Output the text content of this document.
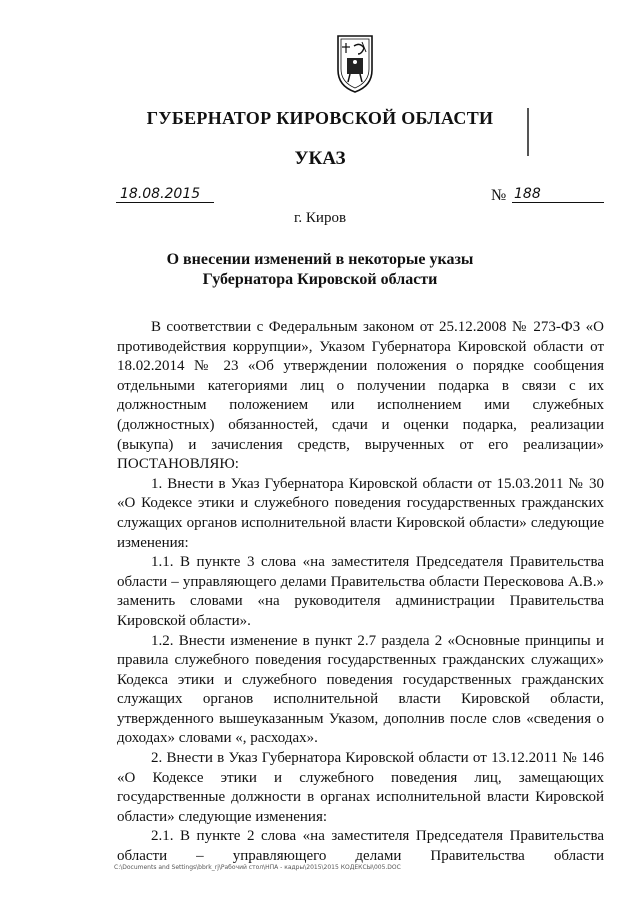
ГУБЕРНАТОР КИРОВСКОЙ ОБЛАСТИ
УКАЗ
18.08.2015	№ 188
г. Киров
О внесении изменений в некоторые указы
Губернатора Кировской области

В соответствии с Федеральным законом от 25.12.2008 № 273-ФЗ «О противодействия коррупции», Указом Губернатора Кировской области от 18.02.2014 № 23 «Об утверждении положения о порядке сообщения отдельными категориями лиц о получении подарка в связи с их должностным положением или исполнением ими служебных (должностных) обязанностей, сдачи и оценки подарка, реализации (выкупа) и зачисления средств, вырученных от его реализации» ПОСТАНОВЛЯЮ:

1. Внести в Указ Губернатора Кировской области от 15.03.2011 № 30 «О Кодексе этики и служебного поведения государственных гражданских служащих органов исполнительной власти Кировской области» следующие изменения:

1.1. В пункте 3 слова «на заместителя Председателя Правительства области – управляющего делами Правительства области Пересковова А.В.» заменить словами «на руководителя администрации Правительства Кировской области».

1.2. Внести изменение в пункт 2.7 раздела 2 «Основные принципы и правила служебного поведения государственных гражданских служащих» Кодекса этики и служебного поведения государственных гражданских служащих органов исполнительной власти Кировской области, утвержденного вышеуказанным Указом, дополнив после слов «сведения о доходах» словами «, расходах».

2. Внести в Указ Губернатора Кировской области от 13.12.2011 № 146 «О Кодексе этики и служебного поведения лиц, замещающих государственные должности в органах исполнительной власти Кировской области» следующие изменения:

2.1. В пункте 2 слова «на заместителя Председателя Правительства области – управляющего делами Правительства области

C:\Documents and Settings\bbrk_rj\Рабочий стол\НПА - кадры\2015\2015 КОДЕКСЫ\005.DOC
